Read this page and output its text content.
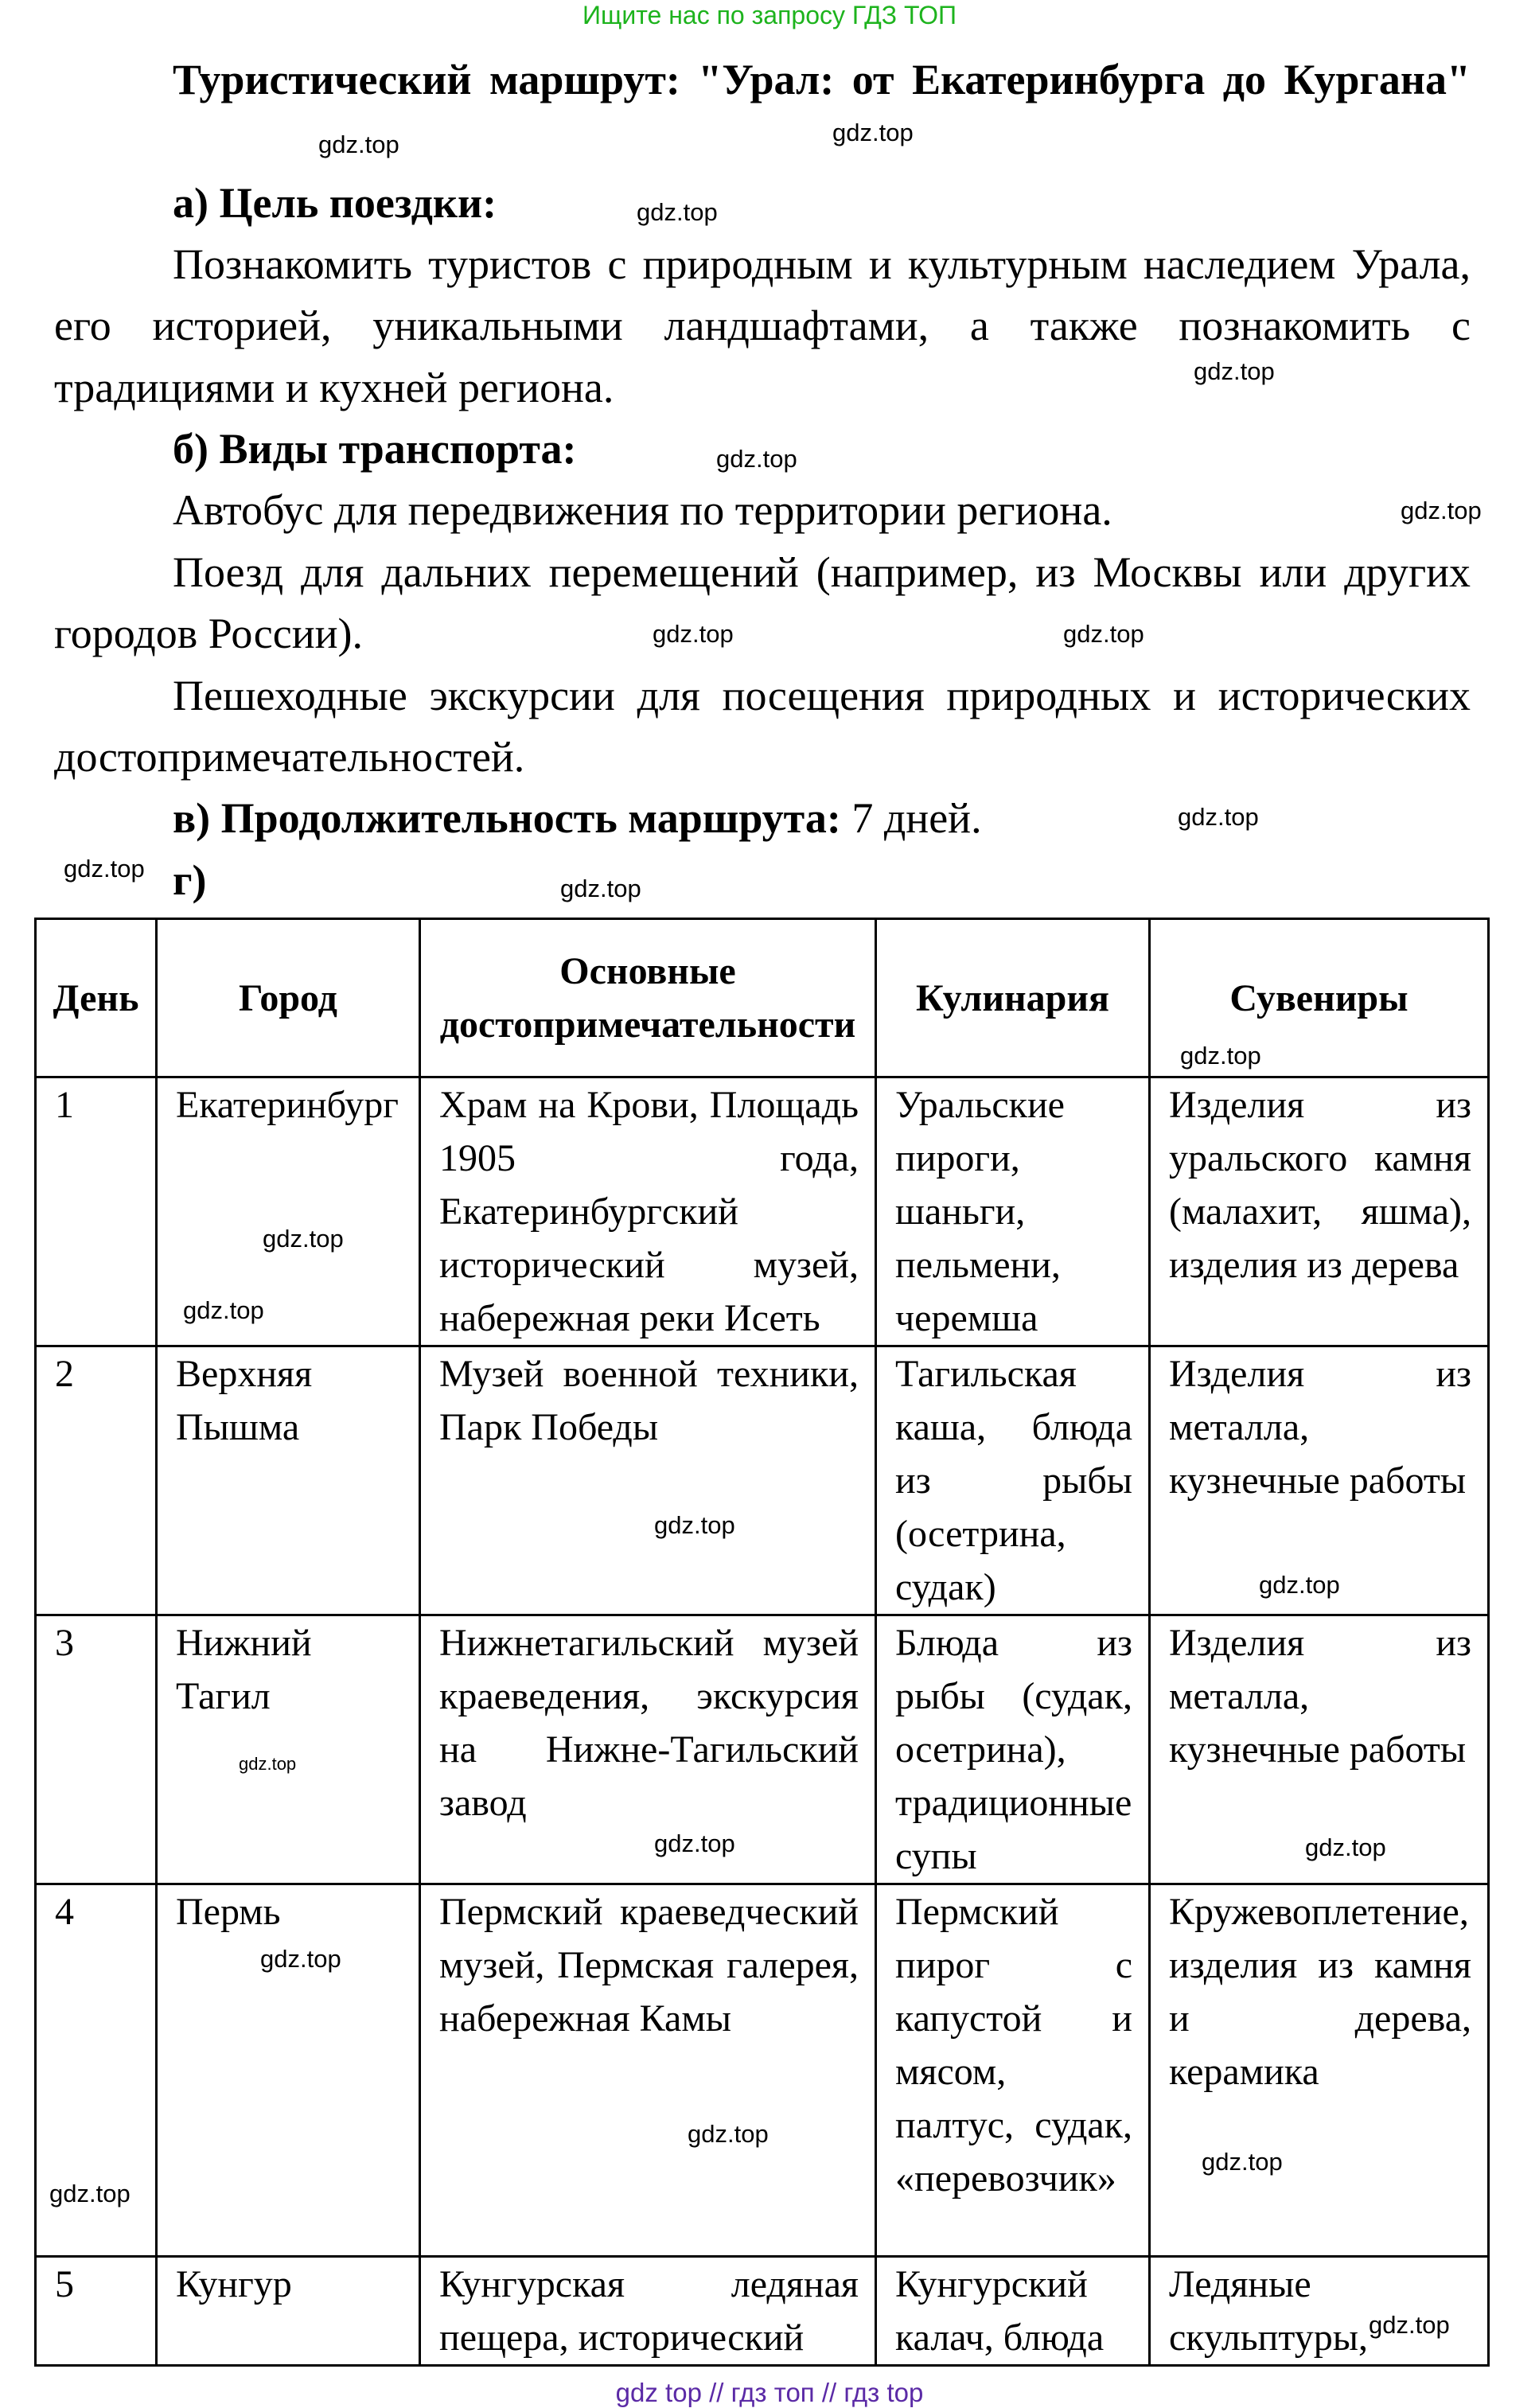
Ищите нас по запросу ГДЗ ТОП
Туристический маршрут: "Урал: от Екатеринбурга до Кургана"
а) Цель поездки:
Познакомить туристов с природным и культурным наследием Урала, его историей, уникальными ландшафтами, а также познакомить с традициями и кухней региона.
б) Виды транспорта:
Автобус для передвижения по территории региона.
Поезд для дальних перемещений (например, из Москвы или других городов России).
Пешеходные экскурсии для посещения природных и исторических достопримечательностей.
в) Продолжительность маршрута: 7 дней.
г)
День	Город	Основные достопримечательности	Кулинария	Сувениры
1	Екатеринбург	Храм на Крови, Площадь 1905 года, Екатеринбургский исторический музей, набережная реки Исеть	Уральские пироги, шаньги, пельмени, черемша	Изделия из уральского камня (малахит, яшма), изделия из дерева
2	Верхняя Пышма	Музей военной техники, Парк Победы	Тагильская каша, блюда из рыбы (осетрина, судак)	Изделия из металла, кузнечные работы
3	Нижний Тагил	Нижнетагильский музей краеведения, экскурсия на Нижне-Тагильский завод	Блюда из рыбы (судак, осетрина), традиционные супы	Изделия из металла, кузнечные работы
4	Пермь	Пермский краеведческий музей, Пермская галерея, набережная Камы	Пермский пирог с капустой и мясом, палтус, судак, «перевозчик»	Кружевоплетение, изделия из камня и дерева, керамика
5	Кунгур	Кунгурская ледяная пещера, исторический	Кунгурский калач, блюда	Ледяные скульптуры,
gdz.top
gdz.top
gdz.top
gdz.top
gdz.top
gdz.top
gdz.top	gdz.top
gdz.top
gdz.top
gdz.top
gdz.top
gdz.top
gdz.top
gdz.top
gdz.top
gdz.top
gdz.top	gdz.top
gdz.top
gdz.top
gdz.top
gdz.top
gdz.top
gdz top // гдз топ // гдз top
